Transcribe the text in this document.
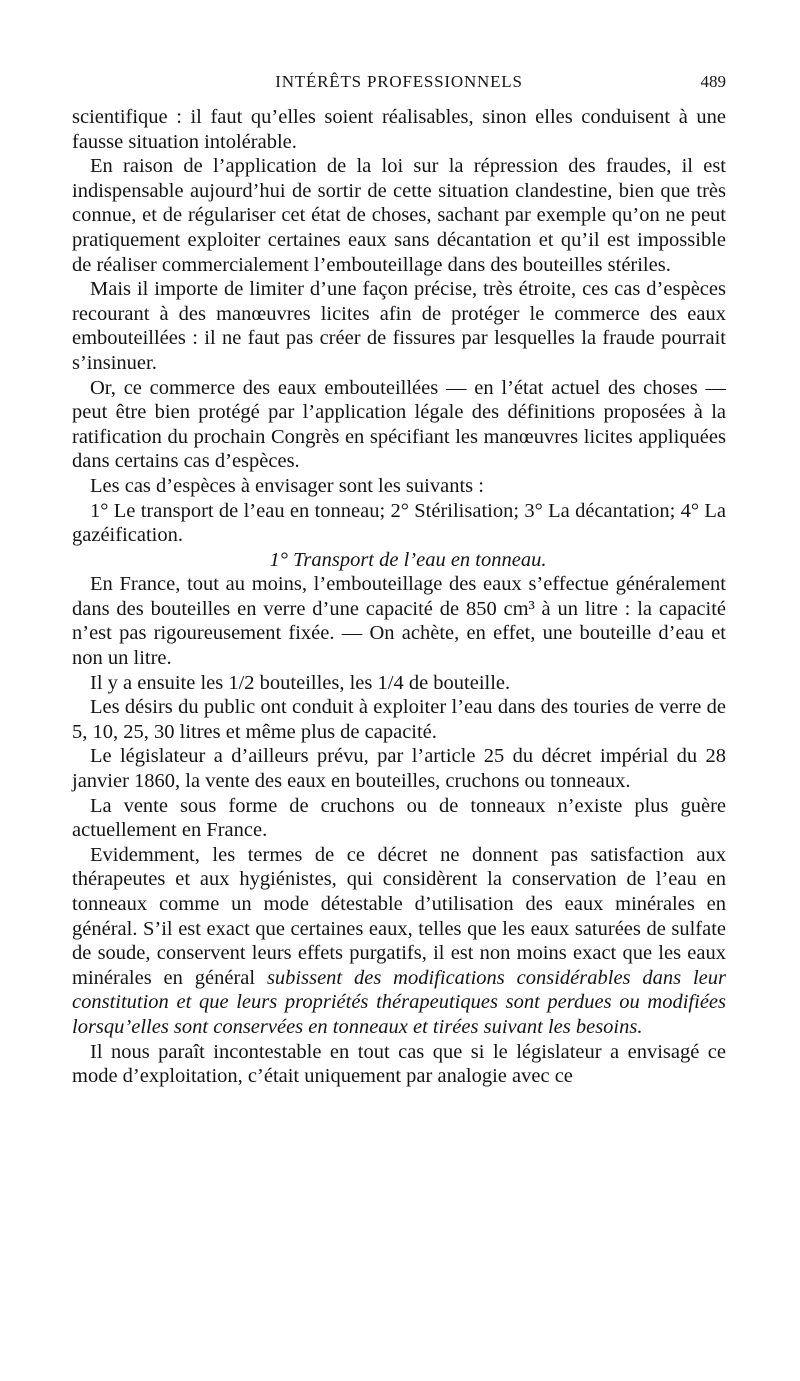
INTÉRÊTS PROFESSIONNELS	489

scientifique : il faut qu’elles soient réalisables, sinon elles conduisent à une fausse situation intolérable.

En raison de l’application de la loi sur la répression des fraudes, il est indispensable aujourd’hui de sortir de cette situation clandestine, bien que très connue, et de régulariser cet état de choses, sachant par exemple qu’on ne peut pratiquement exploiter certaines eaux sans décantation et qu’il est impossible de réaliser commercialement l’embouteillage dans des bouteilles stériles.

Mais il importe de limiter d’une façon précise, très étroite, ces cas d’espèces recourant à des manœuvres licites afin de protéger le commerce des eaux embouteillées : il ne faut pas créer de fissures par lesquelles la fraude pourrait s’insinuer.

Or, ce commerce des eaux embouteillées — en l’état actuel des choses — peut être bien protégé par l’application légale des définitions proposées à la ratification du prochain Congrès en spécifiant les manœuvres licites appliquées dans certains cas d’espèces.

Les cas d’espèces à envisager sont les suivants :

1° Le transport de l’eau en tonneau; 2° Stérilisation; 3° La décantation; 4° La gazéification.

1° Transport de l’eau en tonneau.

En France, tout au moins, l’embouteillage des eaux s’effectue généralement dans des bouteilles en verre d’une capacité de 850 cm³ à un litre : la capacité n’est pas rigoureusement fixée. — On achète, en effet, une bouteille d’eau et non un litre.

Il y a ensuite les 1/2 bouteilles, les 1/4 de bouteille.

Les désirs du public ont conduit à exploiter l’eau dans des touries de verre de 5, 10, 25, 30 litres et même plus de capacité.

Le législateur a d’ailleurs prévu, par l’article 25 du décret impérial du 28 janvier 1860, la vente des eaux en bouteilles, cruchons ou tonneaux.

La vente sous forme de cruchons ou de tonneaux n’existe plus guère actuellement en France.

Evidemment, les termes de ce décret ne donnent pas satisfaction aux thérapeutes et aux hygiénistes, qui considèrent la conservation de l’eau en tonneaux comme un mode détestable d’utilisation des eaux minérales en général. S’il est exact que certaines eaux, telles que les eaux saturées de sulfate de soude, conservent leurs effets purgatifs, il est non moins exact que les eaux minérales en général subissent des modifications considérables dans leur constitution et que leurs propriétés thérapeutiques sont perdues ou modifiées lorsqu’elles sont conservées en tonneaux et tirées suivant les besoins.

Il nous paraît incontestable en tout cas que si le législateur a envisagé ce mode d’exploitation, c’était uniquement par analogie avec ce
